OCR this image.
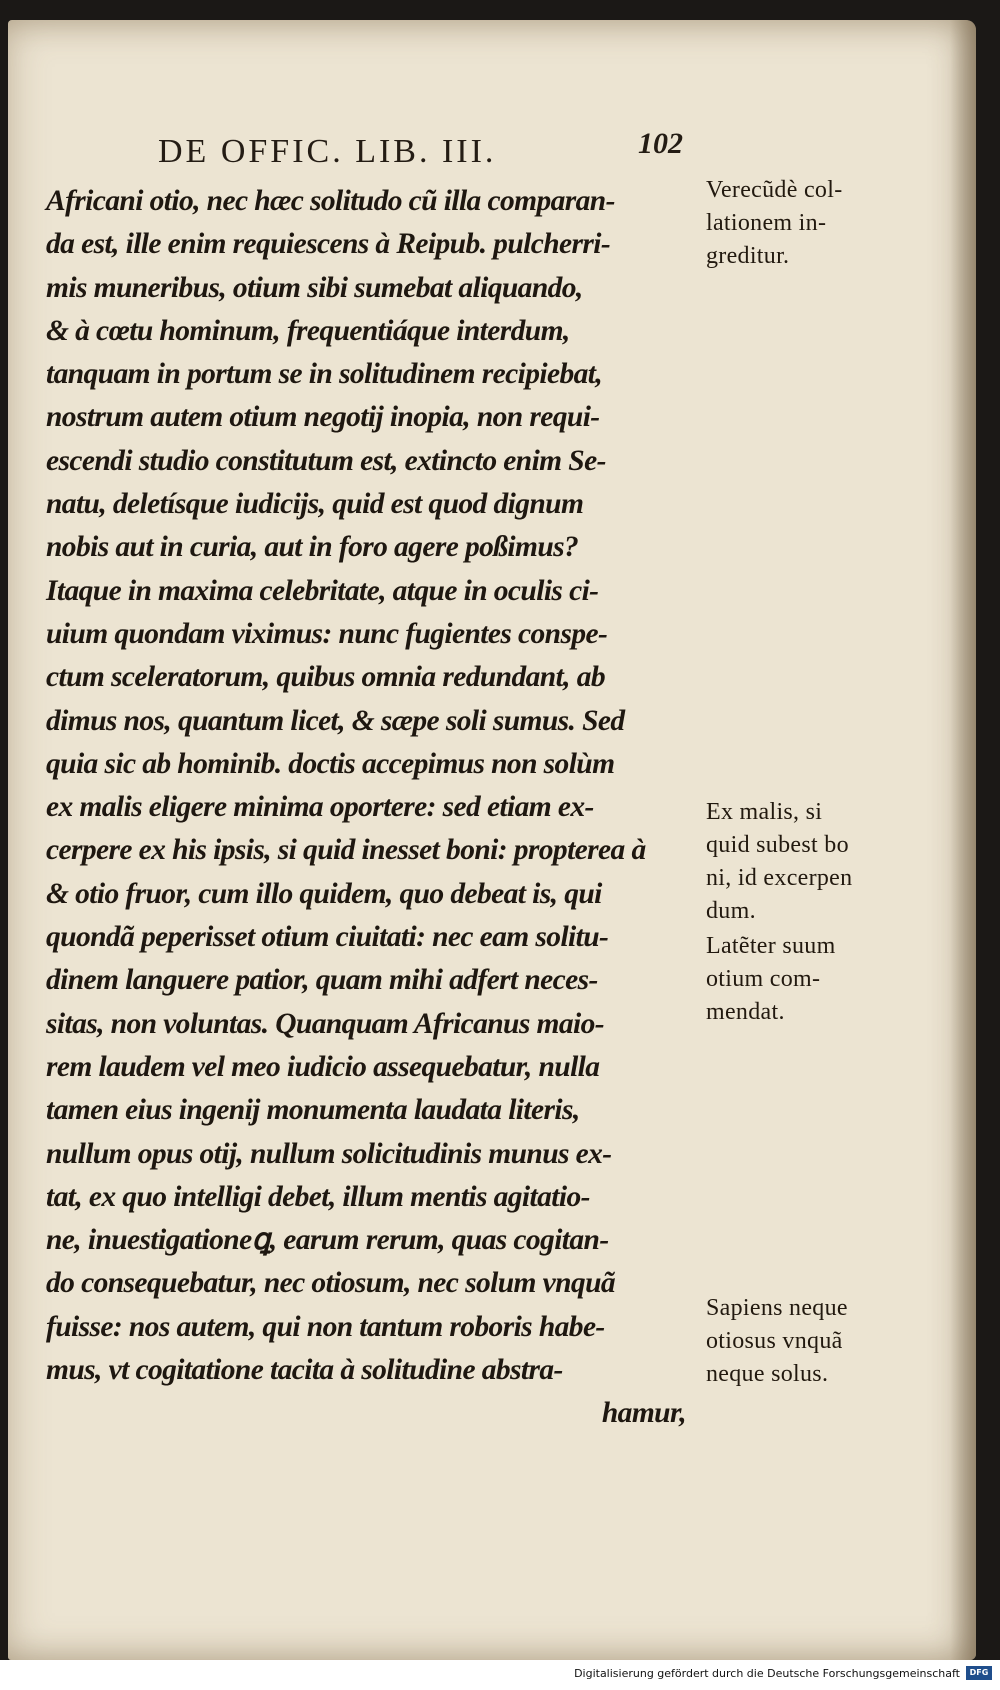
DE OFFIC. LIB. III.	102
Africani otio, nec hæc solitudo cũ illa comparan-
da est, ille enim requiescens à Reipub. pulcherri-
mis muneribus, otium sibi sumebat aliquando,
& à cœtu hominum, frequentiáque interdum,
tanquam in portum se in solitudinem recipiebat,
nostrum autem otium negotij inopia, non requi-
escendi studio constitutum est, extincto enim Se-
natu, deletísque iudicijs, quid est quod dignum
nobis aut in curia, aut in foro agere poßimus?
Itaque in maxima celebritate, atque in oculis ci-
uium quondam viximus: nunc fugientes conspe-
ctum sceleratorum, quibus omnia redundant, ab
dimus nos, quantum licet, & sæpe soli sumus. Sed
quia sic ab hominib. doctis accepimus non solùm
ex malis eligere minima oportere: sed etiam ex-
cerpere ex his ipsis, si quid inesset boni: propterea à
& otio fruor, cum illo quidem, quo debeat is, qui
quondã peperisset otium ciuitati: nec eam solitu-
dinem languere patior, quam mihi adfert neces-
sitas, non voluntas. Quanquam Africanus maio-
rem laudem vel meo iudicio assequebatur, nulla
tamen eius ingenij monumenta laudata literis,
nullum opus otij, nullum solicitudinis munus ex-
tat, ex quo intelligi debet, illum mentis agitatio-
ne, inuestigationeꝗ, earum rerum, quas cogitan-
do consequebatur, nec otiosum, nec solum vnquã
fuisse: nos autem, qui non tantum roboris habe-
mus, vt cogitatione tacita à solitudine abstra-
hamur,
Verecũdè col-
lationem in-
greditur.
Ex malis, si
quid subest bo
ni, id excerpen
dum.
Latẽter suum
otium com-
mendat.
Sapiens neque
otiosus vnquã
neque solus.
Digitalisierung gefördert durch die Deutsche Forschungsgemeinschaft	DFG
